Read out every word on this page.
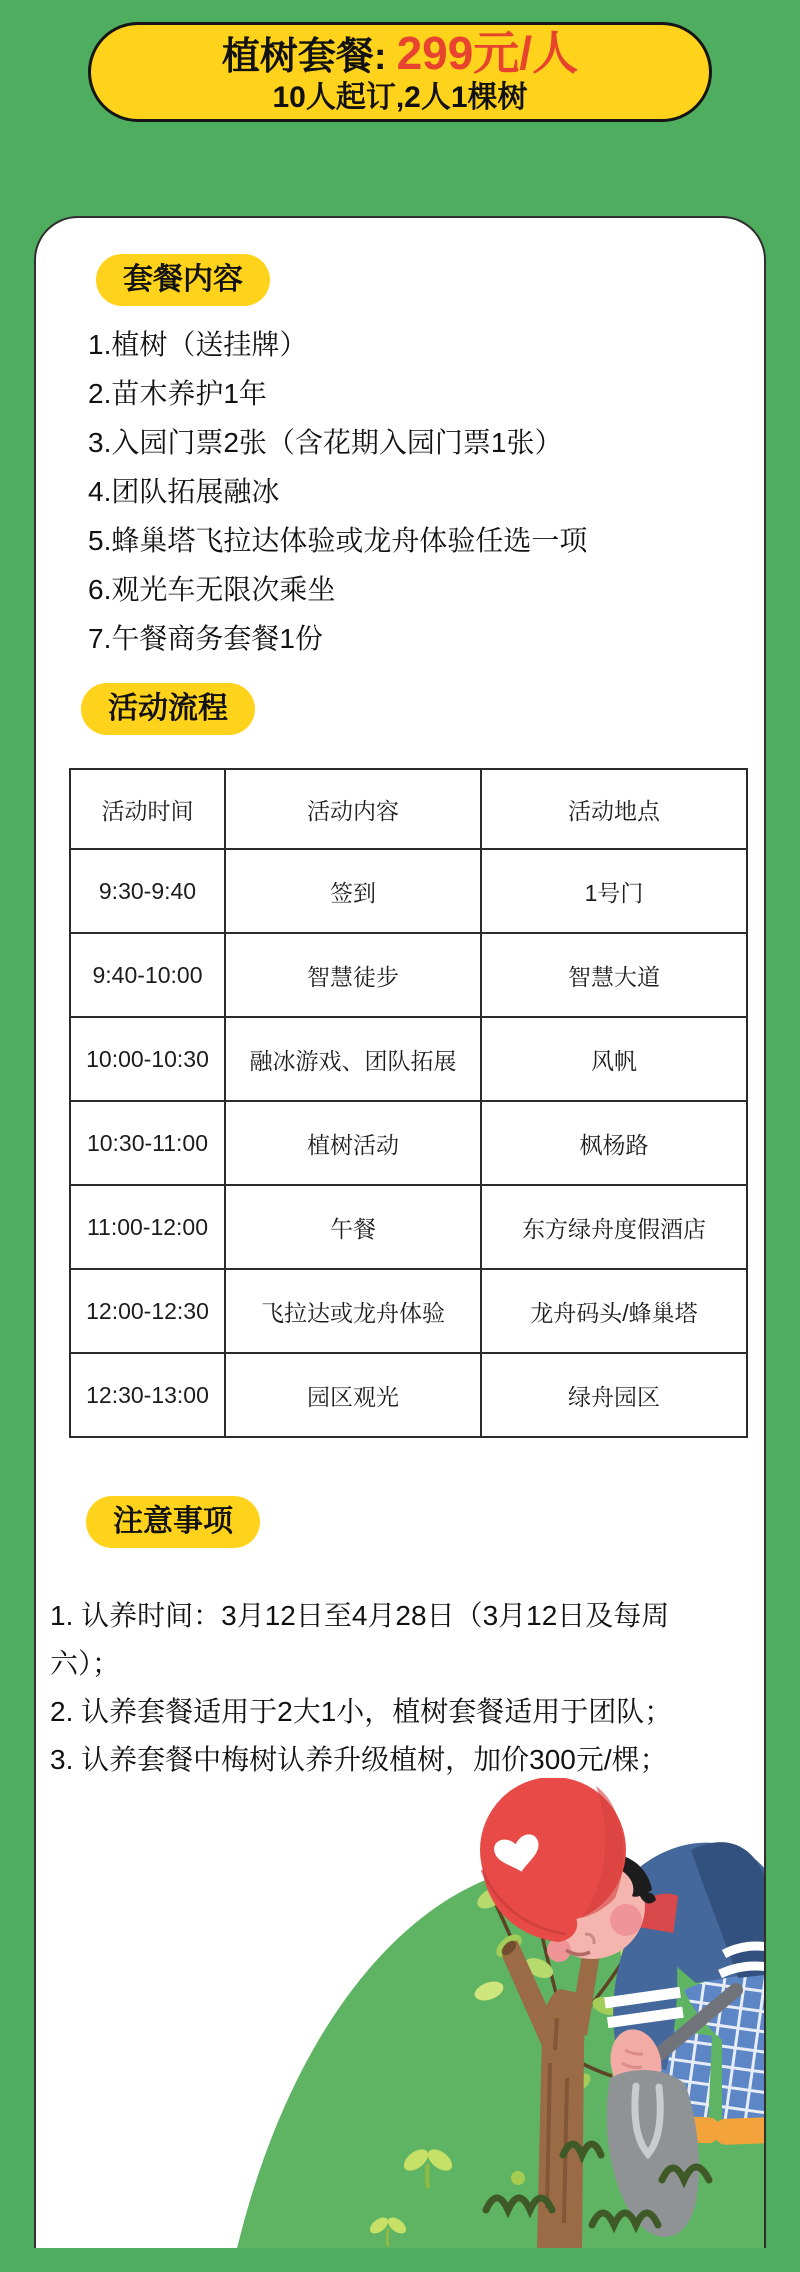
植树套餐: 299元/人
10人起订,2人1棵树
套餐内容
1.植树（送挂牌）
2.苗木养护1年
3.入园门票2张（含花期入园门票1张）
4.团队拓展融冰
5.蜂巢塔飞拉达体验或龙舟体验任选一项
6.观光车无限次乘坐
7.午餐商务套餐1份
活动流程
活动时间	活动内容	活动地点
9:30-9:40	签到	1号门
9:40-10:00	智慧徒步	智慧大道
10:00-10:30	融冰游戏、团队拓展	风帆
10:30-11:00	植树活动	枫杨路
11:00-12:00	午餐	东方绿舟度假酒店
12:00-12:30	飞拉达或龙舟体验	龙舟码头/蜂巢塔
12:30-13:00	园区观光	绿舟园区
注意事项

1. 认养时间：3月12日至4月28日（3月12日及每周六）；

2. 认养套餐适用于2大1小，植树套餐适用于团队；

3. 认养套餐中梅树认养升级植树，加价300元/棵；
